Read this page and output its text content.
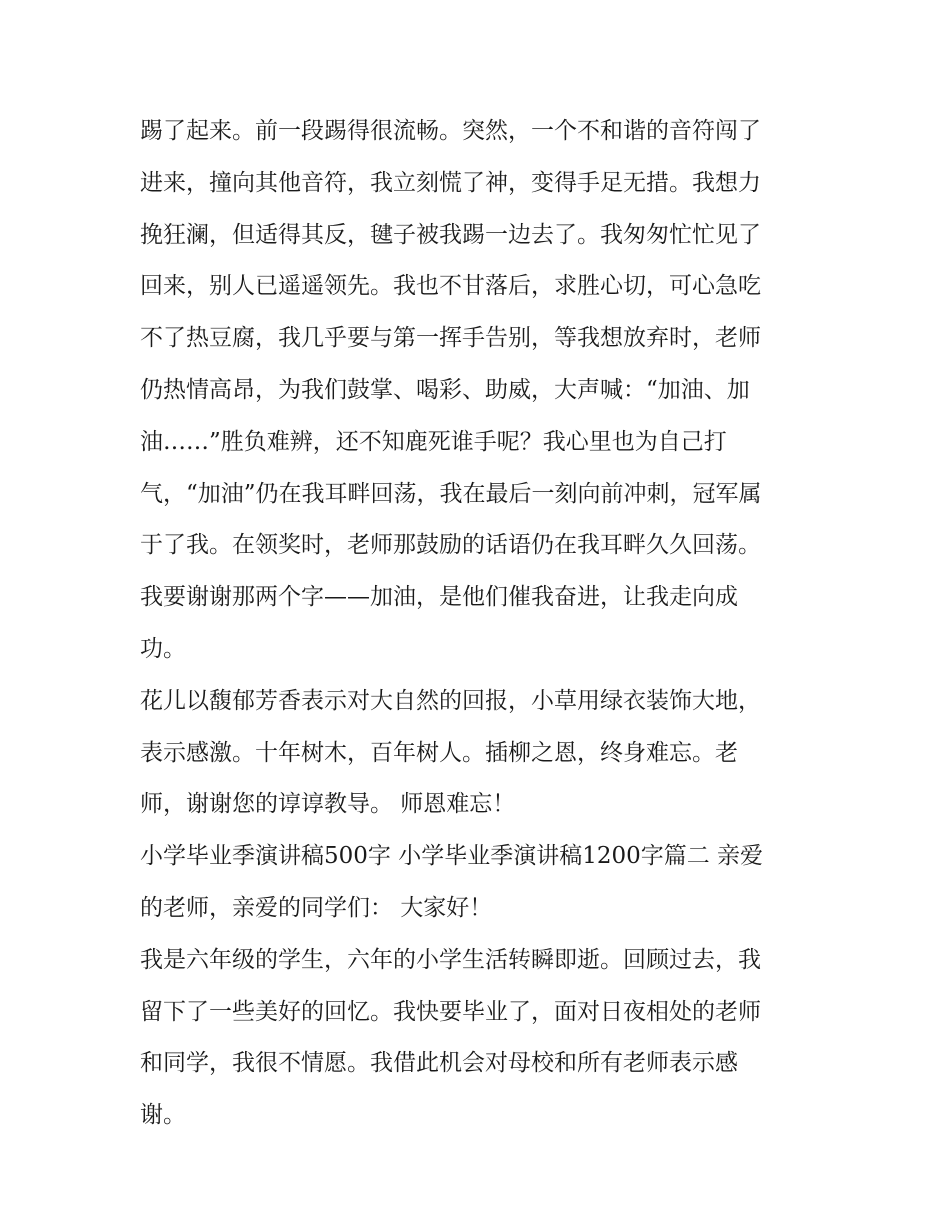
踢了起来。前一段踢得很流畅。突然，一个不和谐的音符闯了
进来，撞向其他音符，我立刻慌了神，变得手足无措。我想力
挽狂澜，但适得其反，毽子被我踢一边去了。我匆匆忙忙见了
回来，别人已遥遥领先。我也不甘落后，求胜心切，可心急吃
不了热豆腐，我几乎要与第一挥手告别，等我想放弃时，老师
仍热情高昂，为我们鼓掌、喝彩、助威，大声喊：“加油、加
油……”胜负难辨，还不知鹿死谁手呢？我心里也为自己打
气，“加油”仍在我耳畔回荡，我在最后一刻向前冲刺，冠军属
于了我。在领奖时，老师那鼓励的话语仍在我耳畔久久回荡。
我要谢谢那两个字——加油，是他们催我奋进，让我走向成
功。
花儿以馥郁芳香表示对大自然的回报，小草用绿衣装饰大地，
表示感激。十年树木，百年树人。插柳之恩，终身难忘。老
师，谢谢您的谆谆教导。 师恩难忘！
小学毕业季演讲稿500字 小学毕业季演讲稿1200字篇二 亲爱
的老师，亲爱的同学们： 大家好！
我是六年级的学生，六年的小学生活转瞬即逝。回顾过去，我
留下了一些美好的回忆。我快要毕业了，面对日夜相处的老师
和同学，我很不情愿。我借此机会对母校和所有老师表示感
谢。
